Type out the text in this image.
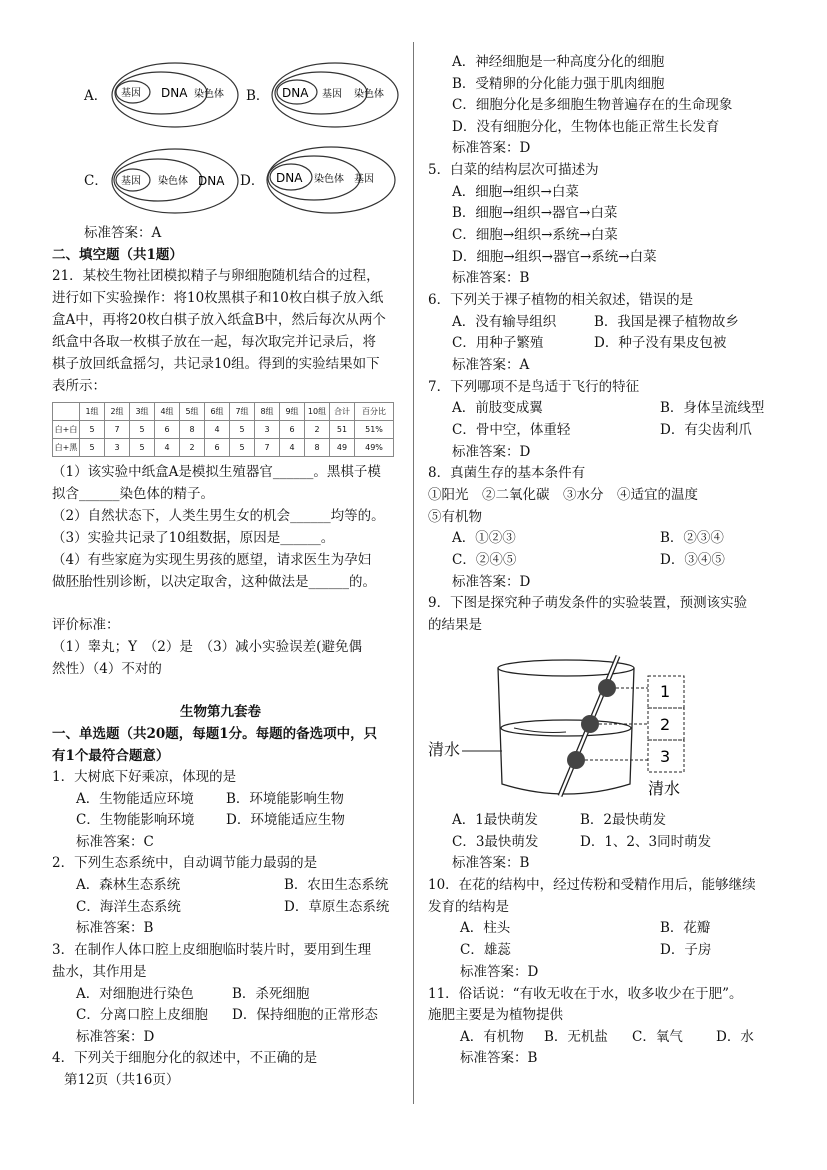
A． 基因 DNA 染色体 B． DNA 基因 染色体
C． 基因 染色体 DNA D． DNA 染色体 基因
标准答案：A
二、填空题（共1题）
21．某校生物社团模拟精子与卵细胞随机结合的过程，
进行如下实验操作：将10枚黑棋子和10枚白棋子放入纸
盒A中，再将20枚白棋子放入纸盒B中，然后每次从两个
纸盒中各取一枚棋子放在一起，每次取完并记录后，将
棋子放回纸盒摇匀，共记录10组。得到的实验结果如下
表所示：
	1组	2组	3组	4组	5组	6组	7组	8组	9组	10组	合计	百分比
白+白	5	7	5	6	8	4	5	3	6	2	51	51%
白+黑	5	3	5	4	2	6	5	7	4	8	49	49%
（1）该实验中纸盒A是模拟生殖器官______。黑棋子模
拟含______染色体的精子。
（2）自然状态下，人类生男生女的机会______均等的。
（3）实验共记录了10组数据，原因是______。
（4）有些家庭为实现生男孩的愿望，请求医生为孕妇
做胚胎性别诊断，以决定取舍，这种做法是______的。
评价标准：
（1）睾丸；Y　（2）是　（3）减小实验误差(避免偶
然性）（4）不对的
生物第九套卷
一、单选题（共20题，每题1分。每题的备选项中，只
有1个最符合题意）
1．大树底下好乘凉，体现的是
A．生物能适应环境 B．环境能影响生物
C．生物能影响环境 D．环境能适应生物
标准答案：C
2．下列生态系统中，自动调节能力最弱的是
A．森林生态系统	B．农田生态系统
C．海洋生态系统	D．草原生态系统
标准答案：B
3．在制作人体口腔上皮细胞临时装片时，要用到生理
盐水，其作用是
A．对细胞进行染色	B．杀死细胞
C．分离口腔上皮细胞 D．保持细胞的正常形态
标准答案：D
4．下列关于细胞分化的叙述中，不正确的是
第12页（共16页）
A．神经细胞是一种高度分化的细胞
B．受精卵的分化能力强于肌肉细胞
C．细胞分化是多细胞生物普遍存在的生命现象
D．没有细胞分化，生物体也能正常生长发育
标准答案：D
5．白菜的结构层次可描述为
A．细胞→组织→白菜
B．细胞→组织→器官→白菜
C．细胞→组织→系统→白菜
D．细胞→组织→器官→系统→白菜
标准答案：B
6．下列关于裸子植物的相关叙述，错误的是
A．没有输导组织	B．我国是裸子植物故乡
C．用种子繁殖	D．种子没有果皮包被
标准答案：A
7．下列哪项不是鸟适于飞行的特征
A．前肢变成翼	B．身体呈流线型
C．骨中空，体重轻	D．有尖齿利爪
标准答案：D
8．真菌生存的基本条件有
①阳光　②二氧化碳　③水分　④适宜的温度
⑤有机物
A．①②③	B．②③④
C．②④⑤	D．③④⑤
标准答案：D
9．下图是探究种子萌发条件的实验装置，预测该实验
的结果是
1
2
3
清水
清水
A．1最快萌发	B．2最快萌发
C．3最快萌发	D．1、2、3同时萌发
标准答案：B
10．在花的结构中，经过传粉和受精作用后，能够继续
发育的结构是
A．柱头	B．花瓣
C．雄蕊	D．子房
标准答案：D
11．俗话说：“有收无收在于水，收多收少在于肥”。
施肥主要是为植物提供
A．有机物 B．无机盐 C．氧气 D．水
标准答案：B
